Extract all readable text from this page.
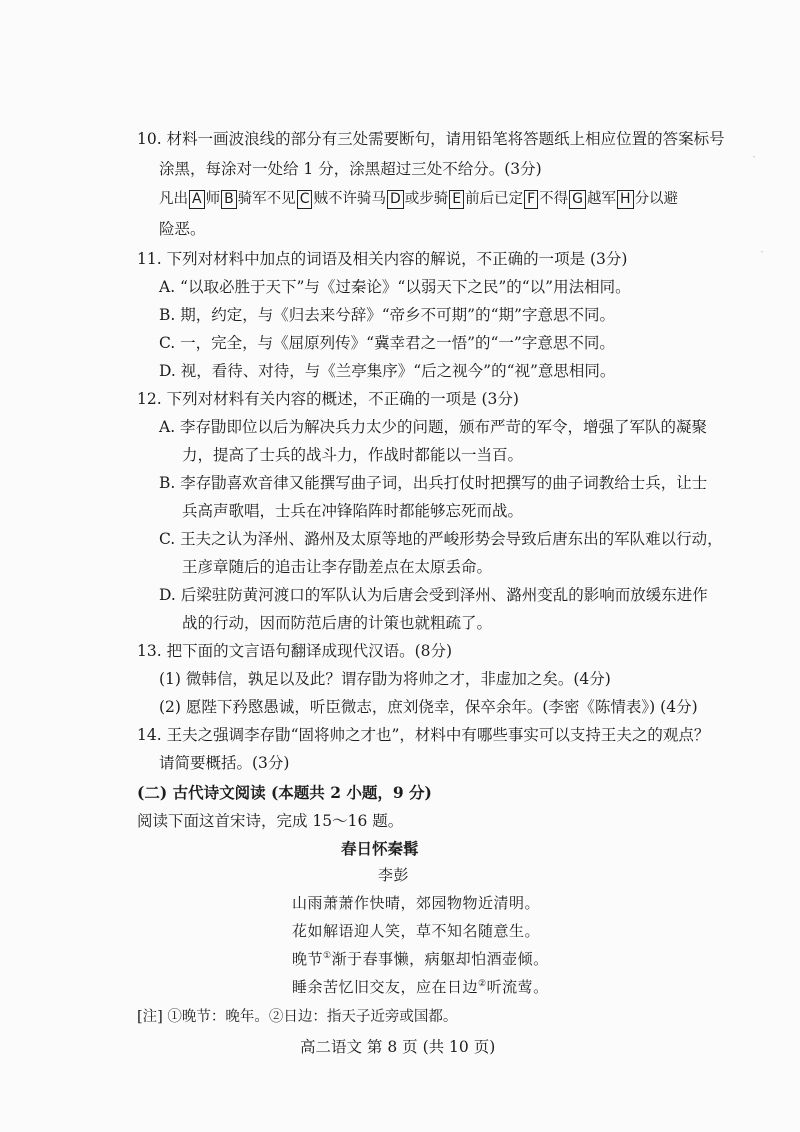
·
·
10. 材料一画波浪线的部分有三处需要断句，请用铅笔将答题纸上相应位置的答案标号
涂黑，每涂对一处给 1 分，涂黑超过三处不给分。(3分)
凡出 A 师 B 骑军不见 C 贼不许骑马 D 或步骑 E 前后已定 F 不得 G 越军 H 分以避
险恶。
11. 下列对材料中加点的词语及相关内容的解说，不正确的一项是 (3分)
A. “以取必胜于天下”与《过秦论》“以弱天下之民”的“以”用法相同。
B. 期，约定，与《归去来兮辞》“帝乡不可期”的“期”字意思不同。
C. 一，完全，与《屈原列传》“冀幸君之一悟”的“一”字意思不同。
D. 视，看待、对待，与《兰亭集序》“后之视今”的“视”意思相同。
12. 下列对材料有关内容的概述，不正确的一项是 (3分)
A. 李存勖即位以后为解决兵力太少的问题，颁布严苛的军令，增强了军队的凝聚
力，提高了士兵的战斗力，作战时都能以一当百。
B. 李存勖喜欢音律又能撰写曲子词，出兵打仗时把撰写的曲子词教给士兵，让士
兵高声歌唱，士兵在冲锋陷阵时都能够忘死而战。
C. 王夫之认为泽州、潞州及太原等地的严峻形势会导致后唐东出的军队难以行动，
王彦章随后的追击让李存勖差点在太原丢命。
D. 后梁驻防黄河渡口的军队认为后唐会受到泽州、潞州变乱的影响而放缓东进作
战的行动，因而防范后唐的计策也就粗疏了。
13. 把下面的文言语句翻译成现代汉语。(8分)
(1) 微韩信，孰足以及此？谓存勖为将帅之才，非虚加之矣。(4分)
(2) 愿陛下矜愍愚诚，听臣微志，庶刘侥幸，保卒余年。(李密《陈情表》) (4分)
14. 王夫之强调李存勖“固将帅之才也”，材料中有哪些事实可以支持王夫之的观点？
请简要概括。(3分)
(二) 古代诗文阅读 (本题共 2 小题，9 分)
阅读下面这首宋诗，完成 15～16 题。
春日怀秦髯
李彭
山雨萧萧作快晴，郊园物物近清明。
花如解语迎人笑，草不知名随意生。
晚节①渐于春事懒，病躯却怕酒壶倾。
睡余苦忆旧交友，应在日边②听流莺。
[注] ①晚节：晚年。②日边：指天子近旁或国都。
高二语文 第 8 页 (共 10 页)
